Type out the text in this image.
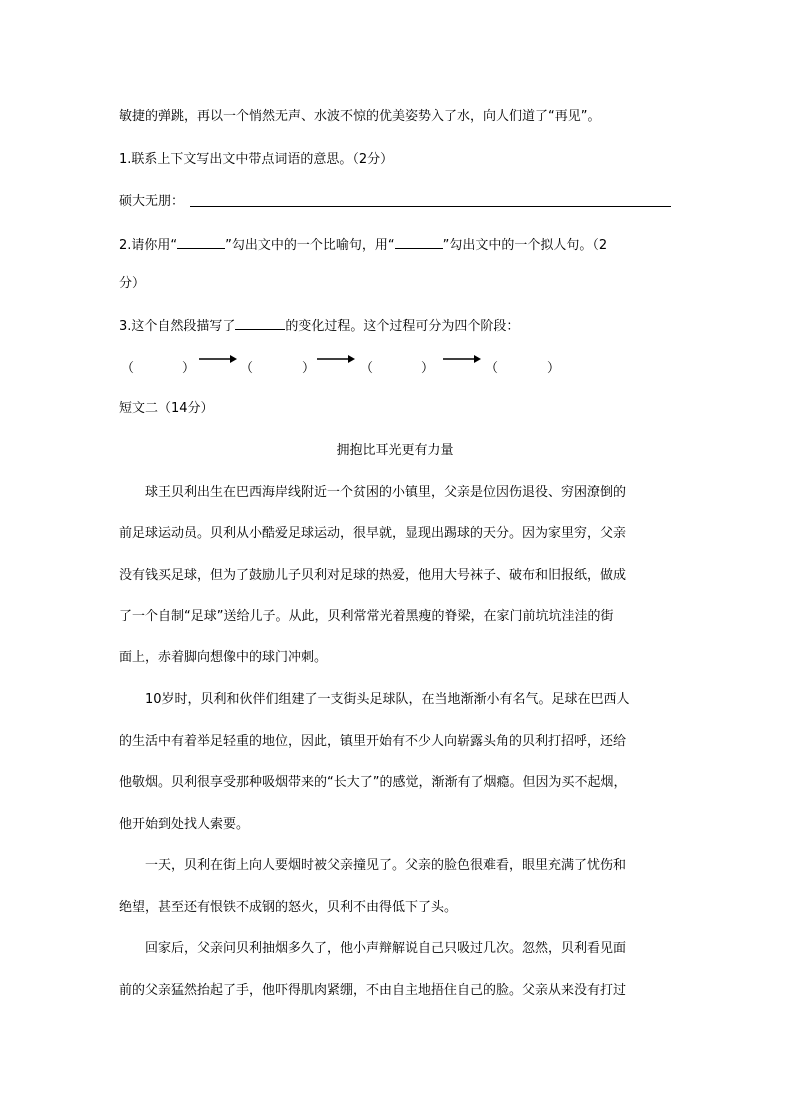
敏捷的弹跳，再以一个悄然无声、水波不惊的优美姿势入了水，向人们道了“再见”。
1.联系上下文写出文中带点词语的意思。（2分）
硕大无朋：
2.请你用“	”勾出文中的一个比喻句，用“	”勾出文中的一个拟人句。（2
分）
3.这个自然段描写了	的变化过程。这个过程可分为四个阶段：
（	）	（	）	（	）	（	）
短文二（14分）
拥抱比耳光更有力量
球王贝利出生在巴西海岸线附近一个贫困的小镇里，父亲是位因伤退役、穷困潦倒的
前足球运动员。贝利从小酷爱足球运动，很早就，显现出踢球的天分。因为家里穷，父亲
没有钱买足球，但为了鼓励儿子贝利对足球的热爱，他用大号袜子、破布和旧报纸，做成
了一个自制“足球”送给儿子。从此，贝利常常光着黑瘦的脊梁，在家门前坑坑洼洼的街
面上，赤着脚向想像中的球门冲刺。
10岁时，贝利和伙伴们组建了一支街头足球队，在当地渐渐小有名气。足球在巴西人
的生活中有着举足轻重的地位，因此，镇里开始有不少人向崭露头角的贝利打招呼，还给
他敬烟。贝利很享受那种吸烟带来的“长大了”的感觉，渐渐有了烟瘾。但因为买不起烟，
他开始到处找人索要。
一天，贝利在街上向人要烟时被父亲撞见了。父亲的脸色很难看，眼里充满了忧伤和
绝望，甚至还有恨铁不成钢的怒火，贝利不由得低下了头。
回家后，父亲问贝利抽烟多久了，他小声辩解说自己只吸过几次。忽然，贝利看见面
前的父亲猛然抬起了手，他吓得肌肉紧绷，不由自主地捂住自己的脸。父亲从来没有打过
